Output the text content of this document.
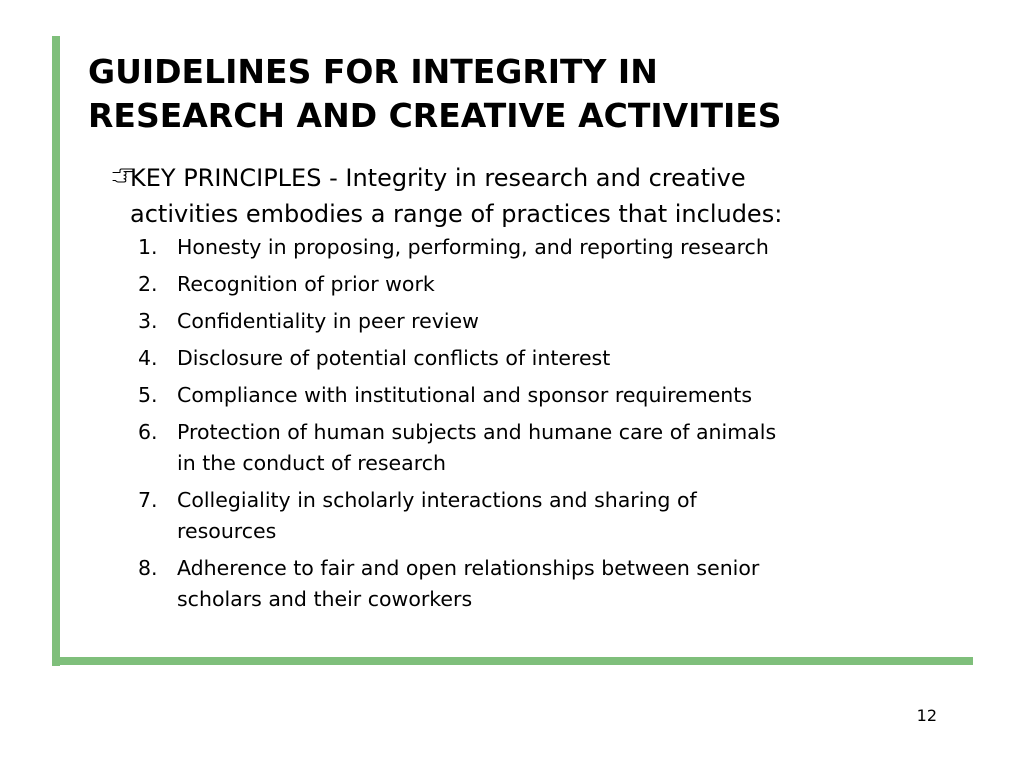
GUIDELINES FOR INTEGRITY IN
RESEARCH AND CREATIVE ACTIVITIES

KEY PRINCIPLES - Integrity in research and creative
activities embodies a range of practices that includes:

1. Honesty in proposing, performing, and reporting research
2. Recognition of prior work
3. Confidentiality in peer review
4. Disclosure of potential conflicts of interest
5. Compliance with institutional and sponsor requirements
6. Protection of human subjects and humane care of animals
in the conduct of research
7. Collegiality in scholarly interactions and sharing of
resources
8. Adherence to fair and open relationships between senior
scholars and their coworkers
12
